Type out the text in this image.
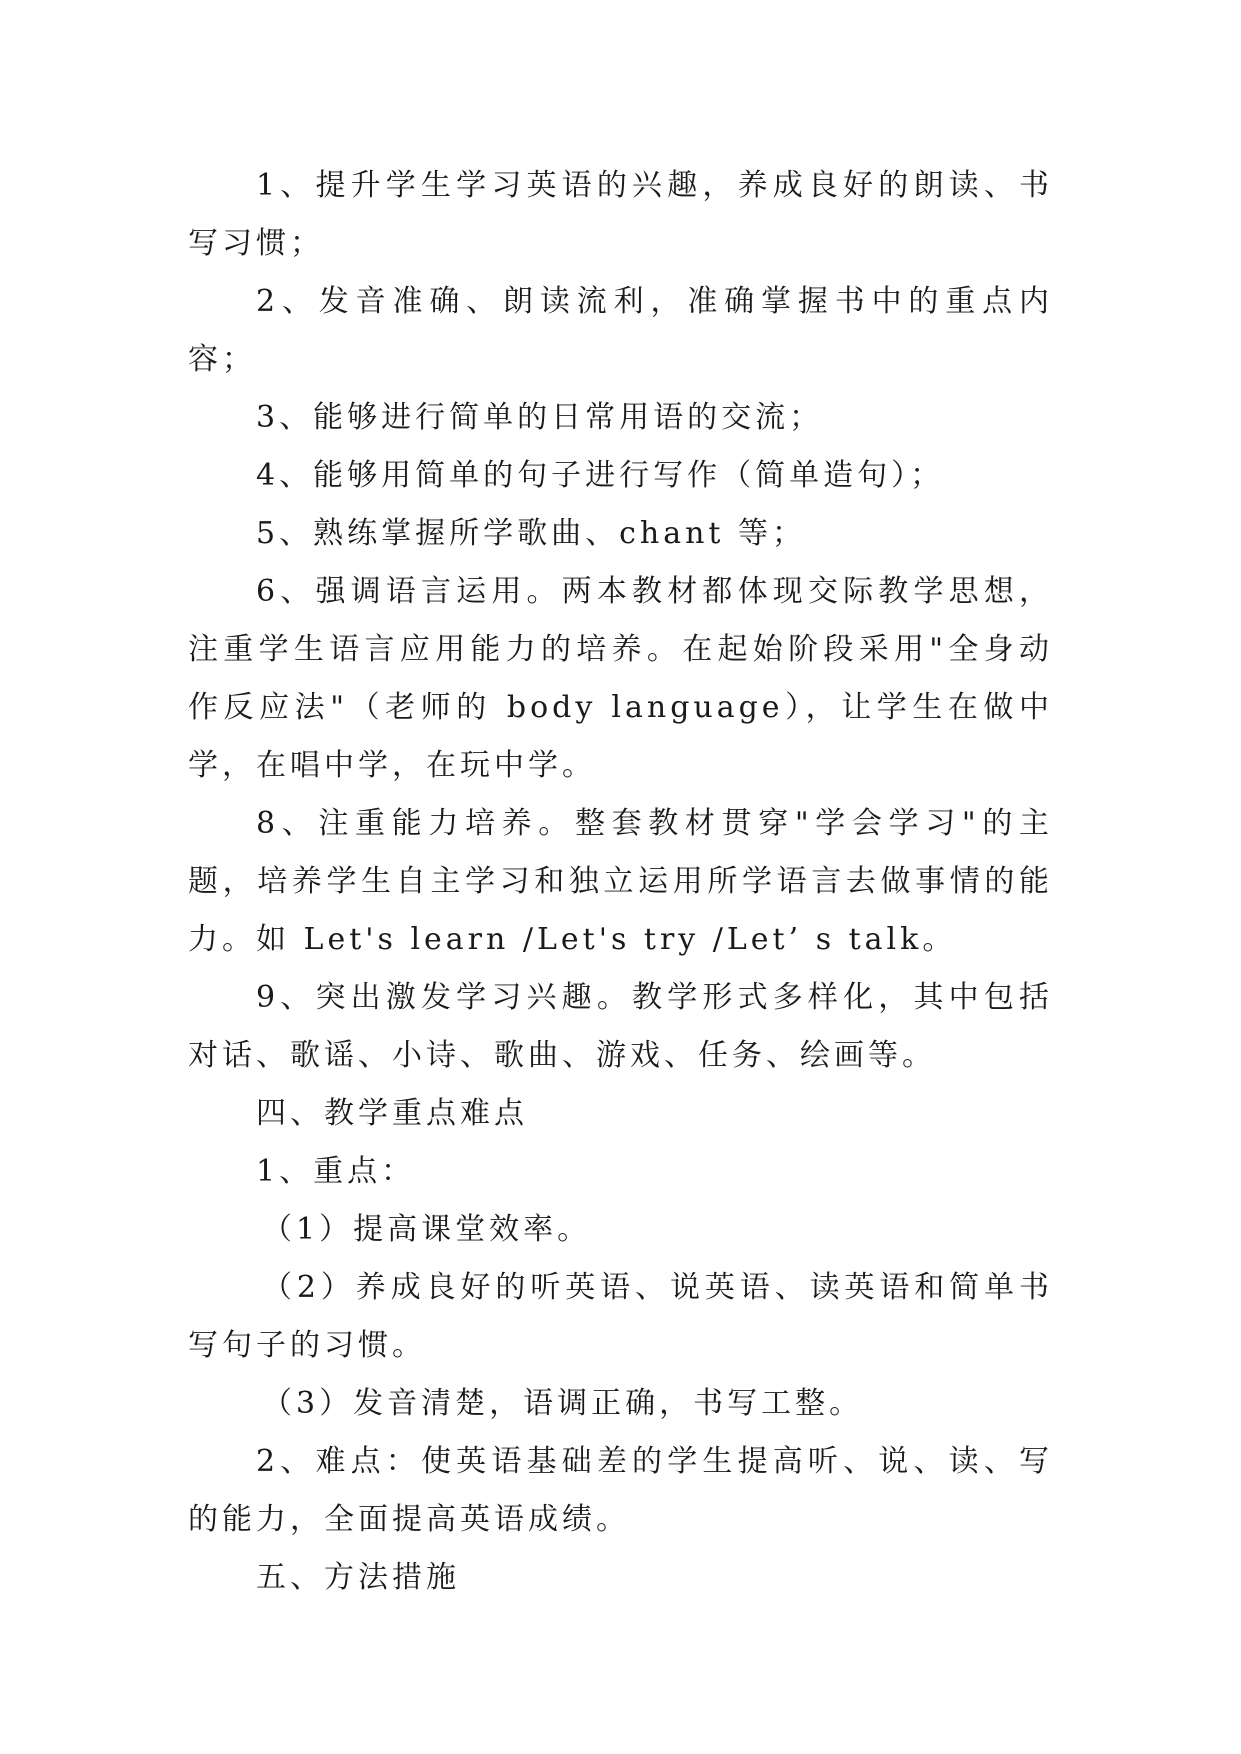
1、提升学生学习英语的兴趣，养成良好的朗读、书写习惯；

2、发音准确、朗读流利，准确掌握书中的重点内容；

3、能够进行简单的日常用语的交流；

4、能够用简单的句子进行写作（简单造句）；

5、熟练掌握所学歌曲、chant 等；

6、强调语言运用。两本教材都体现交际教学思想，注重学生语言应用能力的培养。在起始阶段采用"全身动作反应法"（老师的 body language），让学生在做中学，在唱中学，在玩中学。

8、注重能力培养。整套教材贯穿"学会学习"的主题，培养学生自主学习和独立运用所学语言去做事情的能力。如 Let's learn /Let's try /Let’ s talk。

9、突出激发学习兴趣。教学形式多样化，其中包括对话、歌谣、小诗、歌曲、游戏、任务、绘画等。

四、教学重点难点

1、重点：

（1）提高课堂效率。

（2）养成良好的听英语、说英语、读英语和简单书写句子的习惯。

（3）发音清楚，语调正确，书写工整。

2、难点：使英语基础差的学生提高听、说、读、写的能力，全面提高英语成绩。

五、方法措施
